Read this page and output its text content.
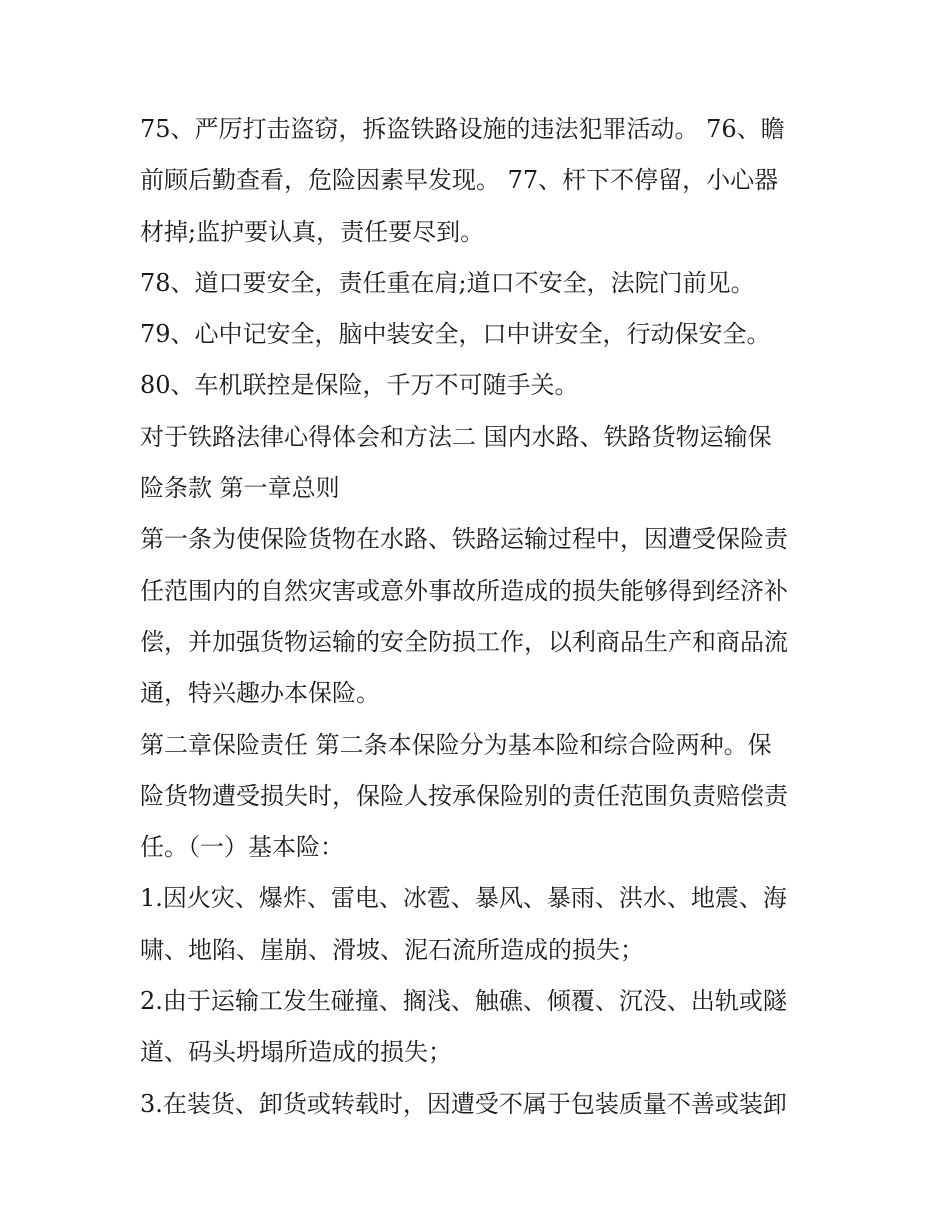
75、严厉打击盗窃，拆盗铁路设施的违法犯罪活动。 76、瞻
前顾后勤查看，危险因素早发现。 77、杆下不停留，小心器
材掉;监护要认真，责任要尽到。
78、道口要安全，责任重在肩;道口不安全，法院门前见。
79、心中记安全，脑中装安全，口中讲安全，行动保安全。
80、车机联控是保险，千万不可随手关。
对于铁路法律心得体会和方法二 国内水路、铁路货物运输保
险条款 第一章总则
第一条为使保险货物在水路、铁路运输过程中，因遭受保险责
任范围内的自然灾害或意外事故所造成的损失能够得到经济补
偿，并加强货物运输的安全防损工作，以利商品生产和商品流
通，特兴趣办本保险。
第二章保险责任 第二条本保险分为基本险和综合险两种。保
险货物遭受损失时，保险人按承保险别的责任范围负责赔偿责
任。（一）基本险：
1.因火灾、爆炸、雷电、冰雹、暴风、暴雨、洪水、地震、海
啸、地陷、崖崩、滑坡、泥石流所造成的损失；
2.由于运输工发生碰撞、搁浅、触礁、倾覆、沉没、出轨或隧
道、码头坍塌所造成的损失；
3.在装货、卸货或转载时，因遭受不属于包装质量不善或装卸
